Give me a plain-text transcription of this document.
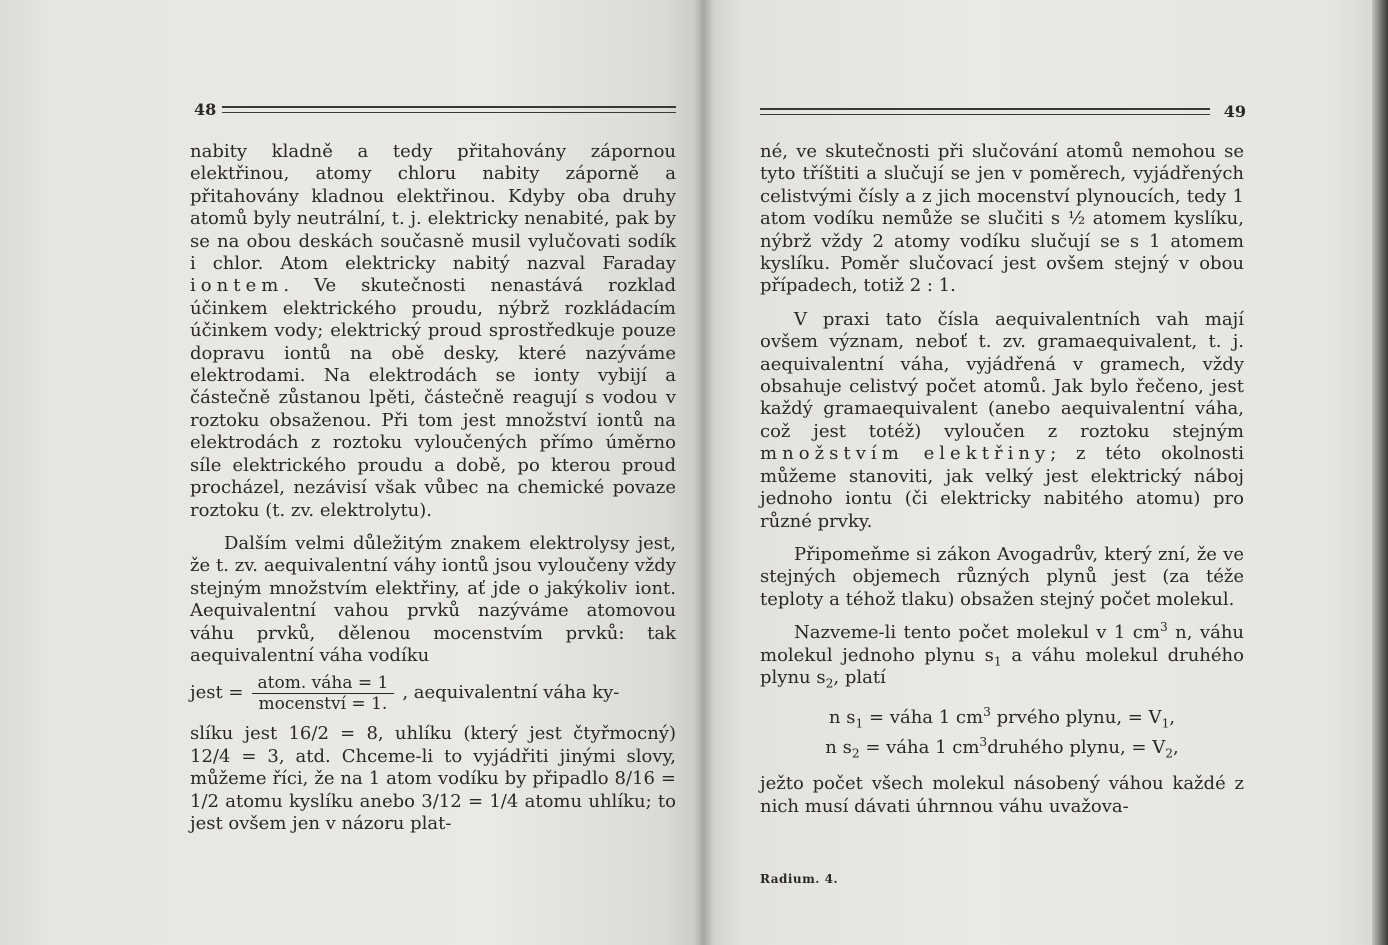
48

nabity kladně a tedy přitahovány zápornou elektřinou, atomy chloru nabity záporně a přitahovány kladnou elektřinou. Kdyby oba druhy atomů byly neutrální, t. j. elektricky nenabité, pak by se na obou deskách současně musil vylučovati sodík i chlor. Atom elektricky nabitý nazval Faraday iontem. Ve skutečnosti nenastává rozklad účinkem elektrického proudu, nýbrž rozkládacím účinkem vody; elektrický proud sprostředkuje pouze dopravu iontů na obě desky, které nazýváme elektrodami. Na elektrodách se ionty vybijí a částečně zůstanou lpěti, částečně reagují s vodou v roztoku obsaženou. Při tom jest množství iontů na elektrodách z roztoku vyloučených přímo úměrno síle elektrického proudu a době, po kterou proud procházel, nezávisí však vůbec na chemické povaze roztoku (t. zv. elektrolytu).

Dalším velmi důležitým znakem elektrolysy jest, že t. zv. aequivalentní váhy iontů jsou vyloučeny vždy stejným množstvím elektřiny, ať jde o jakýkoliv iont. Aequivalentní vahou prvků nazýváme atomovou váhu prvků, dělenou mocenstvím prvků: tak aequivalentní váha vodíku

jest = $\frac{\text{atom. váha = 1}}{\text{mocenství = 1.}}$ , aequivalentní váha ky-

slíku jest 16/2 = 8, uhlíku (který jest čtyřmocný) 12/4 = 3, atd. Chceme-li to vyjádřiti jinými slovy, můžeme říci, že na 1 atom vodíku by připadlo 8/16 = 1/2 atomu kyslíku anebo 3/12 = 1/4 atomu uhlíku; to jest ovšem jen v názoru plat-

49

né, ve skutečnosti při slučování atomů nemohou se tyto tříštiti a slučují se jen v poměrech, vyjádřených celistvými čísly a z jich mocenství plynoucích, tedy 1 atom vodíku nemůže se slučiti s ½ atomem kyslíku, nýbrž vždy 2 atomy vodíku slučují se s 1 atomem kyslíku. Poměr slučovací jest ovšem stejný v obou případech, totiž 2 : 1.

V praxi tato čísla aequivalentních vah mají ovšem význam, neboť t. zv. gramaequivalent, t. j. aequivalentní váha, vyjádřená v gramech, vždy obsahuje celistvý počet atomů. Jak bylo řečeno, jest každý gramaequivalent (anebo aequivalentní váha, což jest totéž) vyloučen z roztoku stejným množstvím elektřiny; z této okolnosti můžeme stanoviti, jak velký jest elektrický náboj jednoho iontu (či elektricky nabitého atomu) pro různé prvky.

Připomeňme si zákon Avogadrův, který zní, že ve stejných objemech různých plynů jest (za téže teploty a téhož tlaku) obsažen stejný počet molekul.

Nazveme-li tento počet molekul v 1 $cm^3$ n, váhu molekul jednoho plynu $s_1$ a váhu molekul druhého plynu $s_2$, platí

n $s_1$ = váha 1 $cm^3$ prvého plynu, = $V_1$,
n $s_2$ = váha 1 $cm^3druhého$ plynu, = $V_2$,

ježto počet všech molekul násobený váhou každé z nich musí dávati úhrnnou váhu uvažova-

Radium. 4.
